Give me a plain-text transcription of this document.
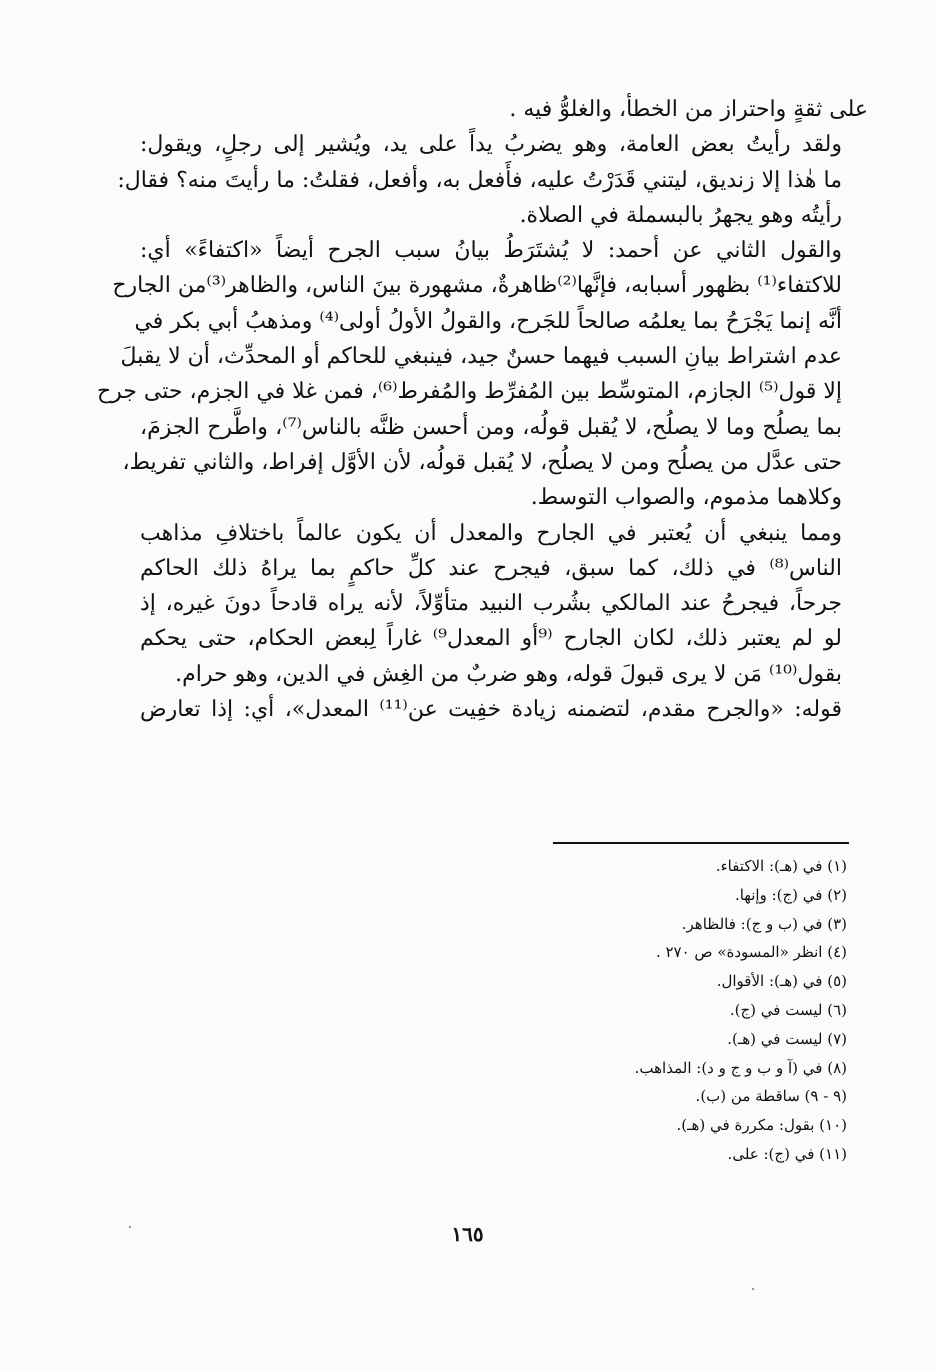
على ثقةٍ واحتراز من الخطأ، والغلوُّ فيه .

ولقد رأيتُ بعض العامة، وهو يضربُ يداً على يد، ويُشير إلى رجلٍ، ويقول:
ما هٰذا إلا زنديق، ليتني قَدَرْتُ عليه، فأَفعل به، وأفعل، فقلتُ: ما رأيتَ منه؟ فقال:
رأيتُه وهو يجهرُ بالبسملة في الصلاة.

والقول الثاني عن أحمد: لا يُشتَرَطُ بيانُ سبب الجرح أيضاً «اكتفاءً» أي:
للاكتفاء⁽¹⁾ بظهور أسبابه، فإنَّها⁽²⁾ظاهرةٌ، مشهورة بينَ الناس، والظاهر⁽³⁾من الجارح
أنَّه إنما يَجْرَحُ بما يعلمُه صالحاً للجَرح، والقولُ الأولُ أولى⁽⁴⁾ ومذهبُ أبي بكر في
عدم اشتراط بيانِ السبب فيهما حسنٌ جيد، فينبغي للحاكم أو المحدِّث، أن لا يقبلَ
إلا قول⁽⁵⁾ الجازم، المتوسِّط بين المُفرِّط والمُفرط⁽⁶⁾، فمن غلا في الجزم، حتى جرح
بما يصلُح وما لا يصلُح، لا يُقبل قولُه، ومن أحسن ظنَّه بالناس⁽⁷⁾، واطَّرح الجزمَ،
حتى عدَّل من يصلُح ومن لا يصلُح، لا يُقبل قولُه، لأن الأوَّل إفراط، والثاني تفريط،
وكلاهما مذموم، والصواب التوسط.

ومما ينبغي أن يُعتبر في الجارح والمعدل أن يكون عالماً باختلافِ مذاهب
الناس⁽⁸⁾ في ذلك، كما سبق، فيجرح عند كلِّ حاكمٍ بما يراهُ ذلك الحاكم
جرحاً، فيجرحُ عند المالكي بشُرب النبيد متأوِّلاً، لأنه يراه قادحاً دونَ غيره، إذ
لو لم يعتبر ذلك، لكان الجارح ⁽⁹أو المعدل⁹⁾ غاراً لِبعض الحكام، حتى يحكم
بقول⁽¹⁰⁾ مَن لا يرى قبولَ قوله، وهو ضربٌ من الغِش في الدين، وهو حرام.

قوله: «والجرح مقدم، لتضمنه زيادة خفِيت عن⁽¹¹⁾ المعدل»، أي: إذا تعارض

(١) في (هـ): الاكتفاء.
(٢) في (ج): وإنها.
(٣) في (ب و ج): فالظاهر.
(٤) انظر «المسودة» ص ٢٧٠ .
(٥) في (هـ): الأقوال.
(٦) ليست في (ج).
(٧) ليست في (هـ).
(٨) في (آ و ب و ج و د): المذاهب.
(٩ - ٩) ساقطة من (ب).
(١٠) بقول: مكررة في (هـ).
(١١) في (ج): على.
١٦٥
